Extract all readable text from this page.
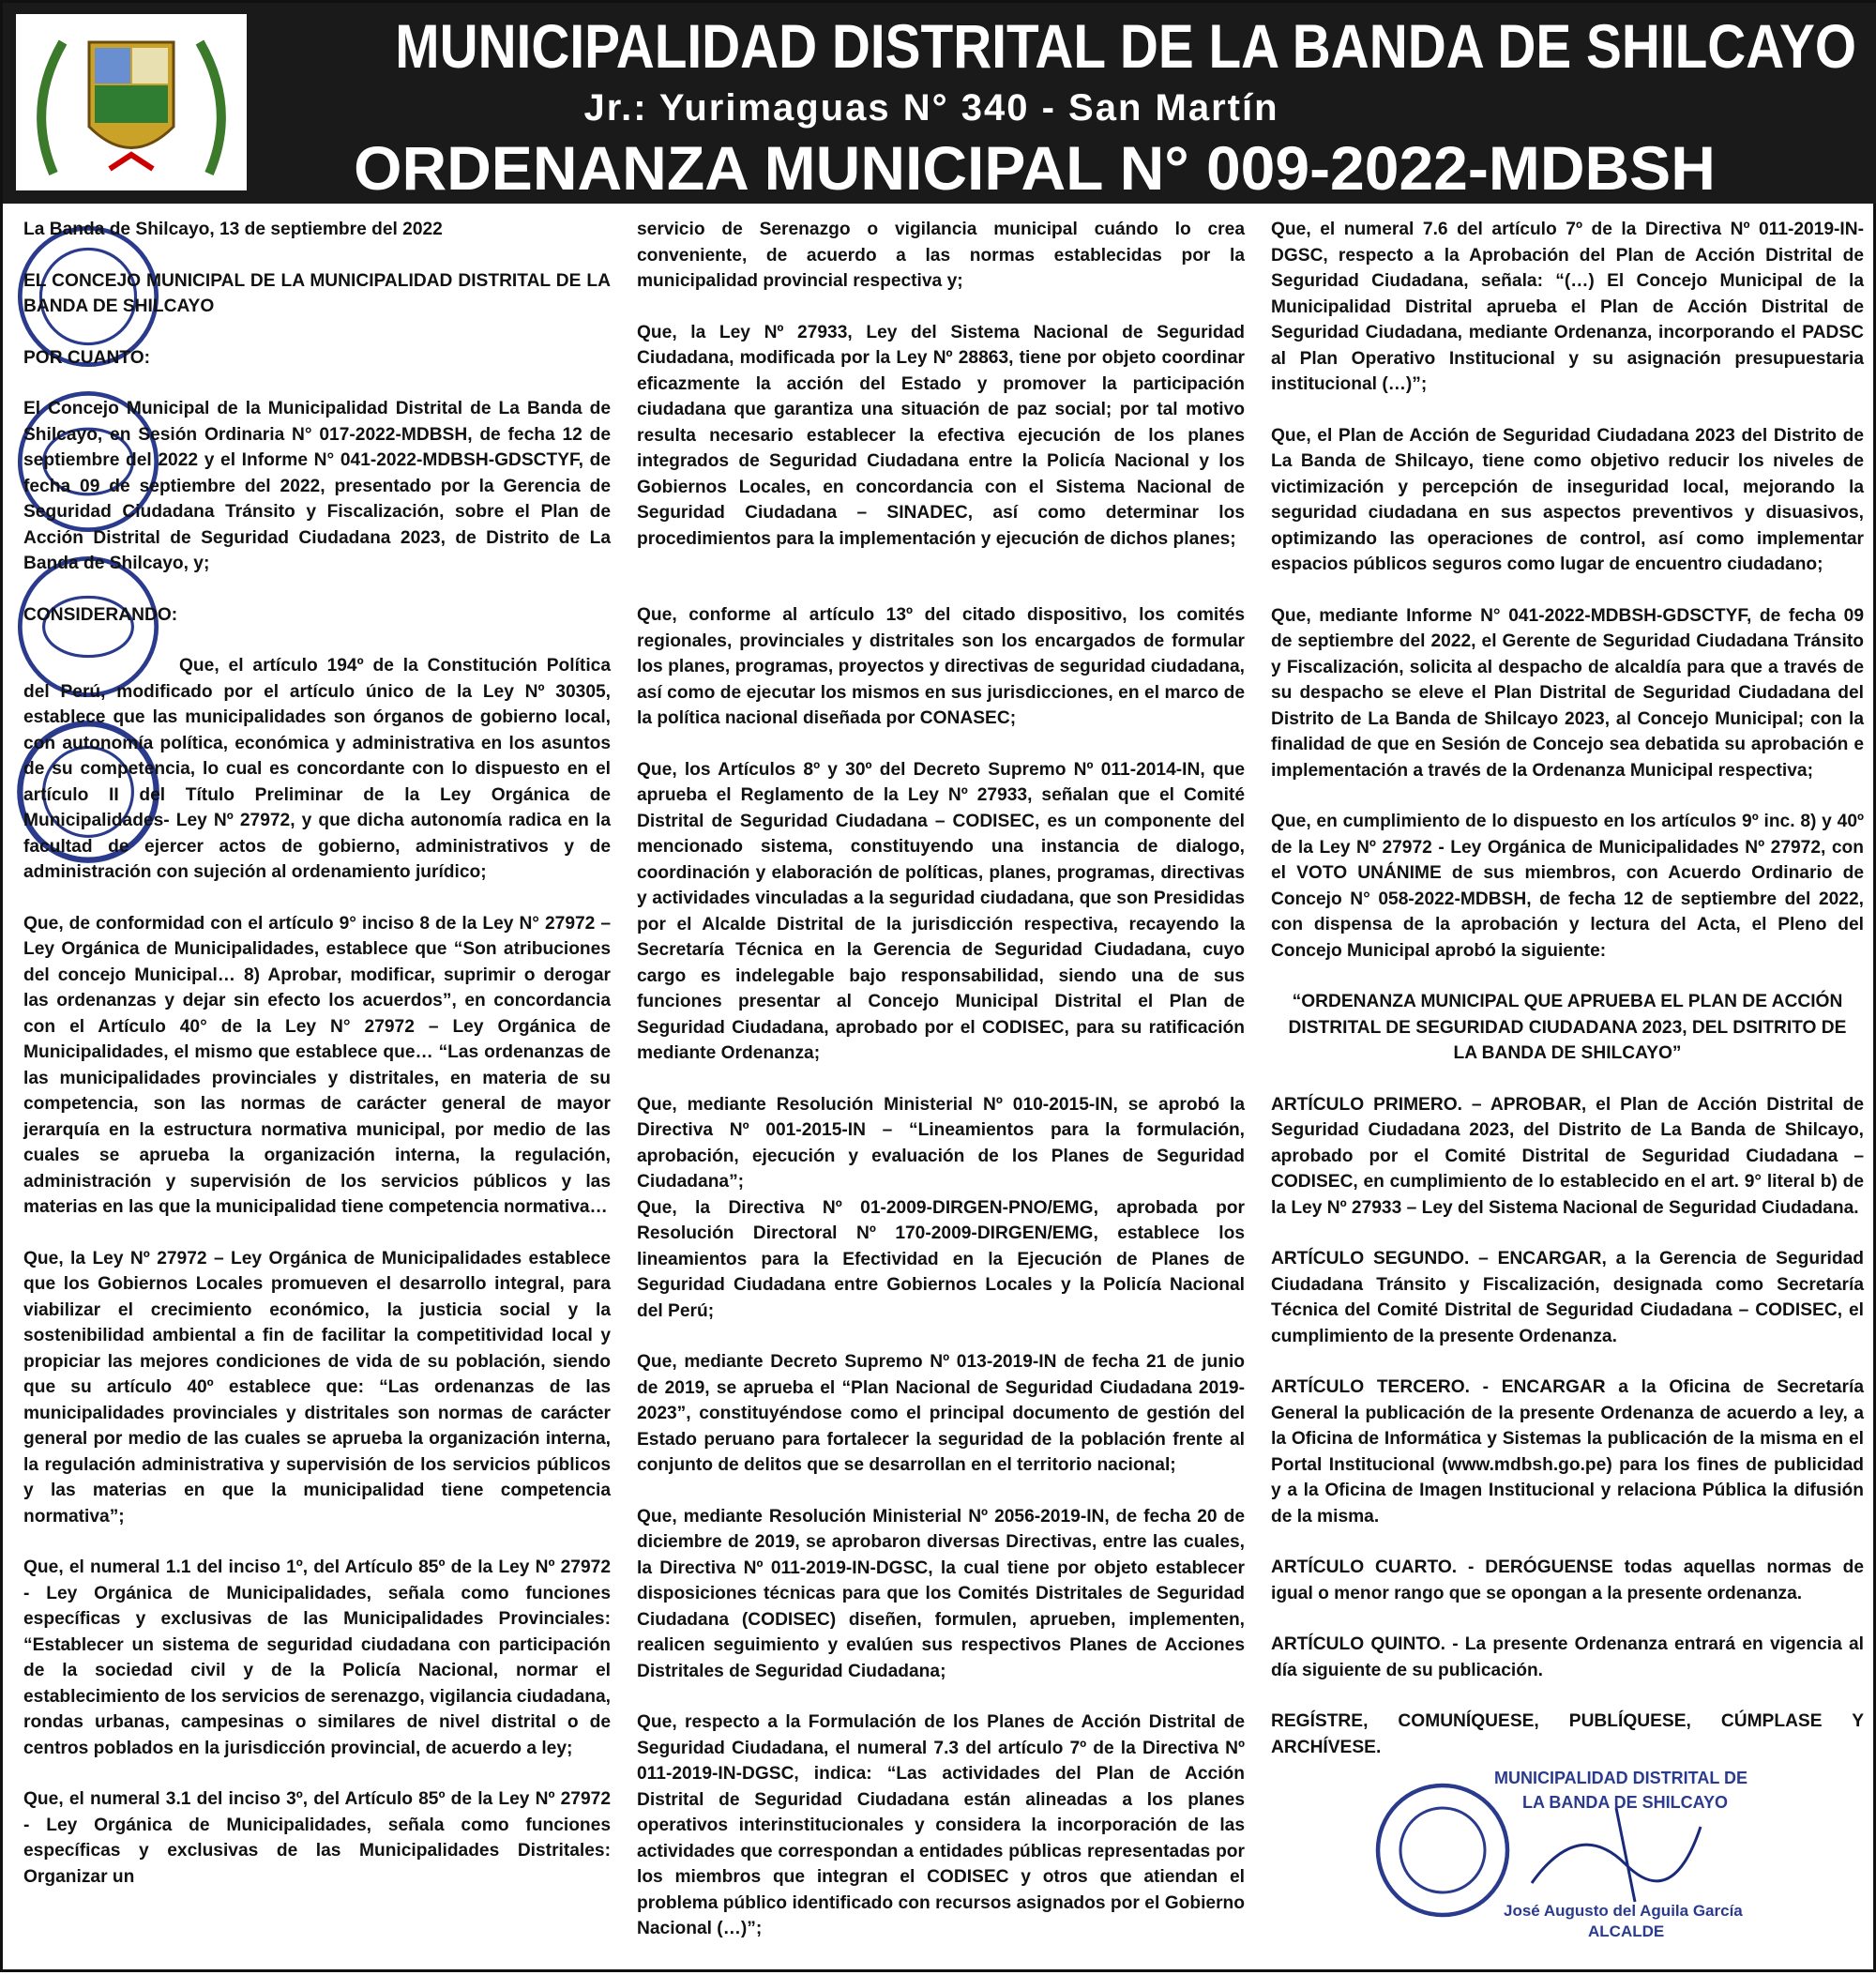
MUNICIPALIDAD DISTRITAL DE LA BANDA DE SHILCAYO
Jr.: Yurimaguas N° 340 - San Martín
ORDENANZA MUNICIPAL N° 009-2022-MDBSH

La Banda de Shilcayo, 13 de septiembre del 2022

EL CONCEJO MUNICIPAL DE LA MUNICIPALIDAD DISTRITAL DE LA BANDA DE SHILCAYO

POR CUANTO:

El Concejo Municipal de la Municipalidad Distrital de La Banda de Shilcayo, en Sesión Ordinaria N° 017-2022-MDBSH, de fecha 12 de septiembre del 2022 y el Informe N° 041-2022-MDBSH-GDSCTYF, de fecha 09 de septiembre del 2022, presentado por la Gerencia de Seguridad Ciudadana Tránsito y Fiscalización, sobre el Plan de Acción Distrital de Seguridad Ciudadana 2023, de Distrito de La Banda de Shilcayo, y;

CONSIDERANDO:

Que, el artículo 194º de la Constitución Política del Perú, modificado por el artículo único de la Ley Nº 30305, establece que las municipalidades son órganos de gobierno local, con autonomía política, económica y administrativa en los asuntos de su competencia, lo cual es concordante con lo dispuesto en el artículo II del Título Preliminar de la Ley Orgánica de Municipalidades- Ley Nº 27972, y que dicha autonomía radica en la facultad de ejercer actos de gobierno, administrativos y de administración con sujeción al ordenamiento jurídico;

Que, de conformidad con el artículo 9° inciso 8 de la Ley N° 27972 – Ley Orgánica de Municipalidades, establece que “Son atribuciones del concejo Municipal… 8) Aprobar, modificar, suprimir o derogar las ordenanzas y dejar sin efecto los acuerdos”, en concordancia con el Artículo 40° de la Ley N° 27972 – Ley Orgánica de Municipalidades, el mismo que establece que… “Las ordenanzas de las municipalidades provinciales y distritales, en materia de su competencia, son las normas de carácter general de mayor jerarquía en la estructura normativa municipal, por medio de las cuales se aprueba la organización interna, la regulación, administración y supervisión de los servicios públicos y las materias en las que la municipalidad tiene competencia normativa…

Que, la Ley Nº 27972 – Ley Orgánica de Municipalidades establece que los Gobiernos Locales promueven el desarrollo integral, para viabilizar el crecimiento económico, la justicia social y la sostenibilidad ambiental a fin de facilitar la competitividad local y propiciar las mejores condiciones de vida de su población, siendo que su artículo 40º establece que: “Las ordenanzas de las municipalidades provinciales y distritales son normas de carácter general por medio de las cuales se aprueba la organización interna, la regulación administrativa y supervisión de los servicios públicos y las materias en que la municipalidad tiene competencia normativa”;

Que, el numeral 1.1 del inciso 1º, del Artículo 85º de la Ley Nº 27972 - Ley Orgánica de Municipalidades, señala como funciones específicas y exclusivas de las Municipalidades Provinciales: “Establecer un sistema de seguridad ciudadana con participación de la sociedad civil y de la Policía Nacional, normar el establecimiento de los servicios de serenazgo, vigilancia ciudadana, rondas urbanas, campesinas o similares de nivel distrital o de centros poblados en la jurisdicción provincial, de acuerdo a ley;

Que, el numeral 3.1 del inciso 3º, del Artículo 85º de la Ley Nº 27972 - Ley Orgánica de Municipalidades, señala como funciones específicas y exclusivas de las Municipalidades Distritales: Organizar un

servicio de Serenazgo o vigilancia municipal cuándo lo crea conveniente, de acuerdo a las normas establecidas por la municipalidad provincial respectiva y;

Que, la Ley Nº 27933, Ley del Sistema Nacional de Seguridad Ciudadana, modificada por la Ley Nº 28863, tiene por objeto coordinar eficazmente la acción del Estado y promover la participación ciudadana que garantiza una situación de paz social; por tal motivo resulta necesario establecer la efectiva ejecución de los planes integrados de Seguridad Ciudadana entre la Policía Nacional y los Gobiernos Locales, en concordancia con el Sistema Nacional de Seguridad Ciudadana – SINADEC, así como determinar los procedimientos para la implementación y ejecución de dichos planes;

Que, conforme al artículo 13º del citado dispositivo, los comités regionales, provinciales y distritales son los encargados de formular los planes, programas, proyectos y directivas de seguridad ciudadana, así como de ejecutar los mismos en sus jurisdicciones, en el marco de la política nacional diseñada por CONASEC;

Que, los Artículos 8º y 30º del Decreto Supremo Nº 011-2014-IN, que aprueba el Reglamento de la Ley Nº 27933, señalan que el Comité Distrital de Seguridad Ciudadana – CODISEC, es un componente del mencionado sistema, constituyendo una instancia de dialogo, coordinación y elaboración de políticas, planes, programas, directivas y actividades vinculadas a la seguridad ciudadana, que son Presididas por el Alcalde Distrital de la jurisdicción respectiva, recayendo la Secretaría Técnica en la Gerencia de Seguridad Ciudadana, cuyo cargo es indelegable bajo responsabilidad, siendo una de sus funciones presentar al Concejo Municipal Distrital el Plan de Seguridad Ciudadana, aprobado por el CODISEC, para su ratificación mediante Ordenanza;

Que, mediante Resolución Ministerial Nº 010-2015-IN, se aprobó la Directiva Nº 001-2015-IN – “Lineamientos para la formulación, aprobación, ejecución y evaluación de los Planes de Seguridad Ciudadana”;

Que, la Directiva Nº 01-2009-DIRGEN-PNO/EMG, aprobada por Resolución Directoral Nº 170-2009-DIRGEN/EMG, establece los lineamientos para la Efectividad en la Ejecución de Planes de Seguridad Ciudadana entre Gobiernos Locales y la Policía Nacional del Perú;

Que, mediante Decreto Supremo Nº 013-2019-IN de fecha 21 de junio de 2019, se aprueba el “Plan Nacional de Seguridad Ciudadana 2019-2023”, constituyéndose como el principal documento de gestión del Estado peruano para fortalecer la seguridad de la población frente al conjunto de delitos que se desarrollan en el territorio nacional;

Que, mediante Resolución Ministerial Nº 2056-2019-IN, de fecha 20 de diciembre de 2019, se aprobaron diversas Directivas, entre las cuales, la Directiva Nº 011-2019-IN-DGSC, la cual tiene por objeto establecer disposiciones técnicas para que los Comités Distritales de Seguridad Ciudadana (CODISEC) diseñen, formulen, aprueben, implementen, realicen seguimiento y evalúen sus respectivos Planes de Acciones Distritales de Seguridad Ciudadana;

Que, respecto a la Formulación de los Planes de Acción Distrital de Seguridad Ciudadana, el numeral 7.3 del artículo 7º de la Directiva Nº 011-2019-IN-DGSC, indica: “Las actividades del Plan de Acción Distrital de Seguridad Ciudadana están alineadas a los planes operativos interinstitucionales y considera la incorporación de las actividades que correspondan a entidades públicas representadas por los miembros que integran el CODISEC y otros que atiendan el problema público identificado con recursos asignados por el Gobierno Nacional (…)”;

Que, el numeral 7.6 del artículo 7º de la Directiva Nº 011-2019-IN-DGSC, respecto a la Aprobación del Plan de Acción Distrital de Seguridad Ciudadana, señala: “(…) El Concejo Municipal de la Municipalidad Distrital aprueba el Plan de Acción Distrital de Seguridad Ciudadana, mediante Ordenanza, incorporando el PADSC al Plan Operativo Institucional y su asignación presupuestaria institucional (…)”;

Que, el Plan de Acción de Seguridad Ciudadana 2023 del Distrito de La Banda de Shilcayo, tiene como objetivo reducir los niveles de victimización y percepción de inseguridad local, mejorando la seguridad ciudadana en sus aspectos preventivos y disuasivos, optimizando las operaciones de control, así como implementar espacios públicos seguros como lugar de encuentro ciudadano;

Que, mediante Informe N° 041-2022-MDBSH-GDSCTYF, de fecha 09 de septiembre del 2022, el Gerente de Seguridad Ciudadana Tránsito y Fiscalización, solicita al despacho de alcaldía para que a través de su despacho se eleve el Plan Distrital de Seguridad Ciudadana del Distrito de La Banda de Shilcayo 2023, al Concejo Municipal; con la finalidad de que en Sesión de Concejo sea debatida su aprobación e implementación a través de la Ordenanza Municipal respectiva;

Que, en cumplimiento de lo dispuesto en los artículos 9º inc. 8) y 40º de la Ley Nº 27972 - Ley Orgánica de Municipalidades Nº 27972, con el VOTO UNÁNIME de sus miembros, con Acuerdo Ordinario de Concejo N° 058-2022-MDBSH, de fecha 12 de septiembre del 2022, con dispensa de la aprobación y lectura del Acta, el Pleno del Concejo Municipal aprobó la siguiente:

“ORDENANZA MUNICIPAL QUE APRUEBA EL PLAN DE ACCIÓN DISTRITAL DE SEGURIDAD CIUDADANA 2023, DEL DSITRITO DE LA BANDA DE SHILCAYO”

ARTÍCULO PRIMERO. – APROBAR, el Plan de Acción Distrital de Seguridad Ciudadana 2023, del Distrito de La Banda de Shilcayo, aprobado por el Comité Distrital de Seguridad Ciudadana – CODISEC, en cumplimiento de lo establecido en el art. 9° literal b) de la Ley Nº 27933 – Ley del Sistema Nacional de Seguridad Ciudadana.

ARTÍCULO SEGUNDO. – ENCARGAR, a la Gerencia de Seguridad Ciudadana Tránsito y Fiscalización, designada como Secretaría Técnica del Comité Distrital de Seguridad Ciudadana – CODISEC, el cumplimiento de la presente Ordenanza.

ARTÍCULO TERCERO. - ENCARGAR a la Oficina de Secretaría General la publicación de la presente Ordenanza de acuerdo a ley, a la Oficina de Informática y Sistemas la publicación de la misma en el Portal Institucional (www.mdbsh.go.pe) para los fines de publicidad y a la Oficina de Imagen Institucional y relaciona Pública la difusión de la misma.

ARTÍCULO CUARTO. - DERÓGUENSE todas aquellas normas de igual o menor rango que se opongan a la presente ordenanza.

ARTÍCULO QUINTO. - La presente Ordenanza entrará en vigencia al día siguiente de su publicación.

REGÍSTRE, COMUNÍQUESE, PUBLÍQUESE, CÚMPLASE Y ARCHÍVESE.

MUNICIPALIDAD DISTRITAL DE
LA BANDA DE SHILCAYO
José Augusto del Aguila García
ALCALDE
